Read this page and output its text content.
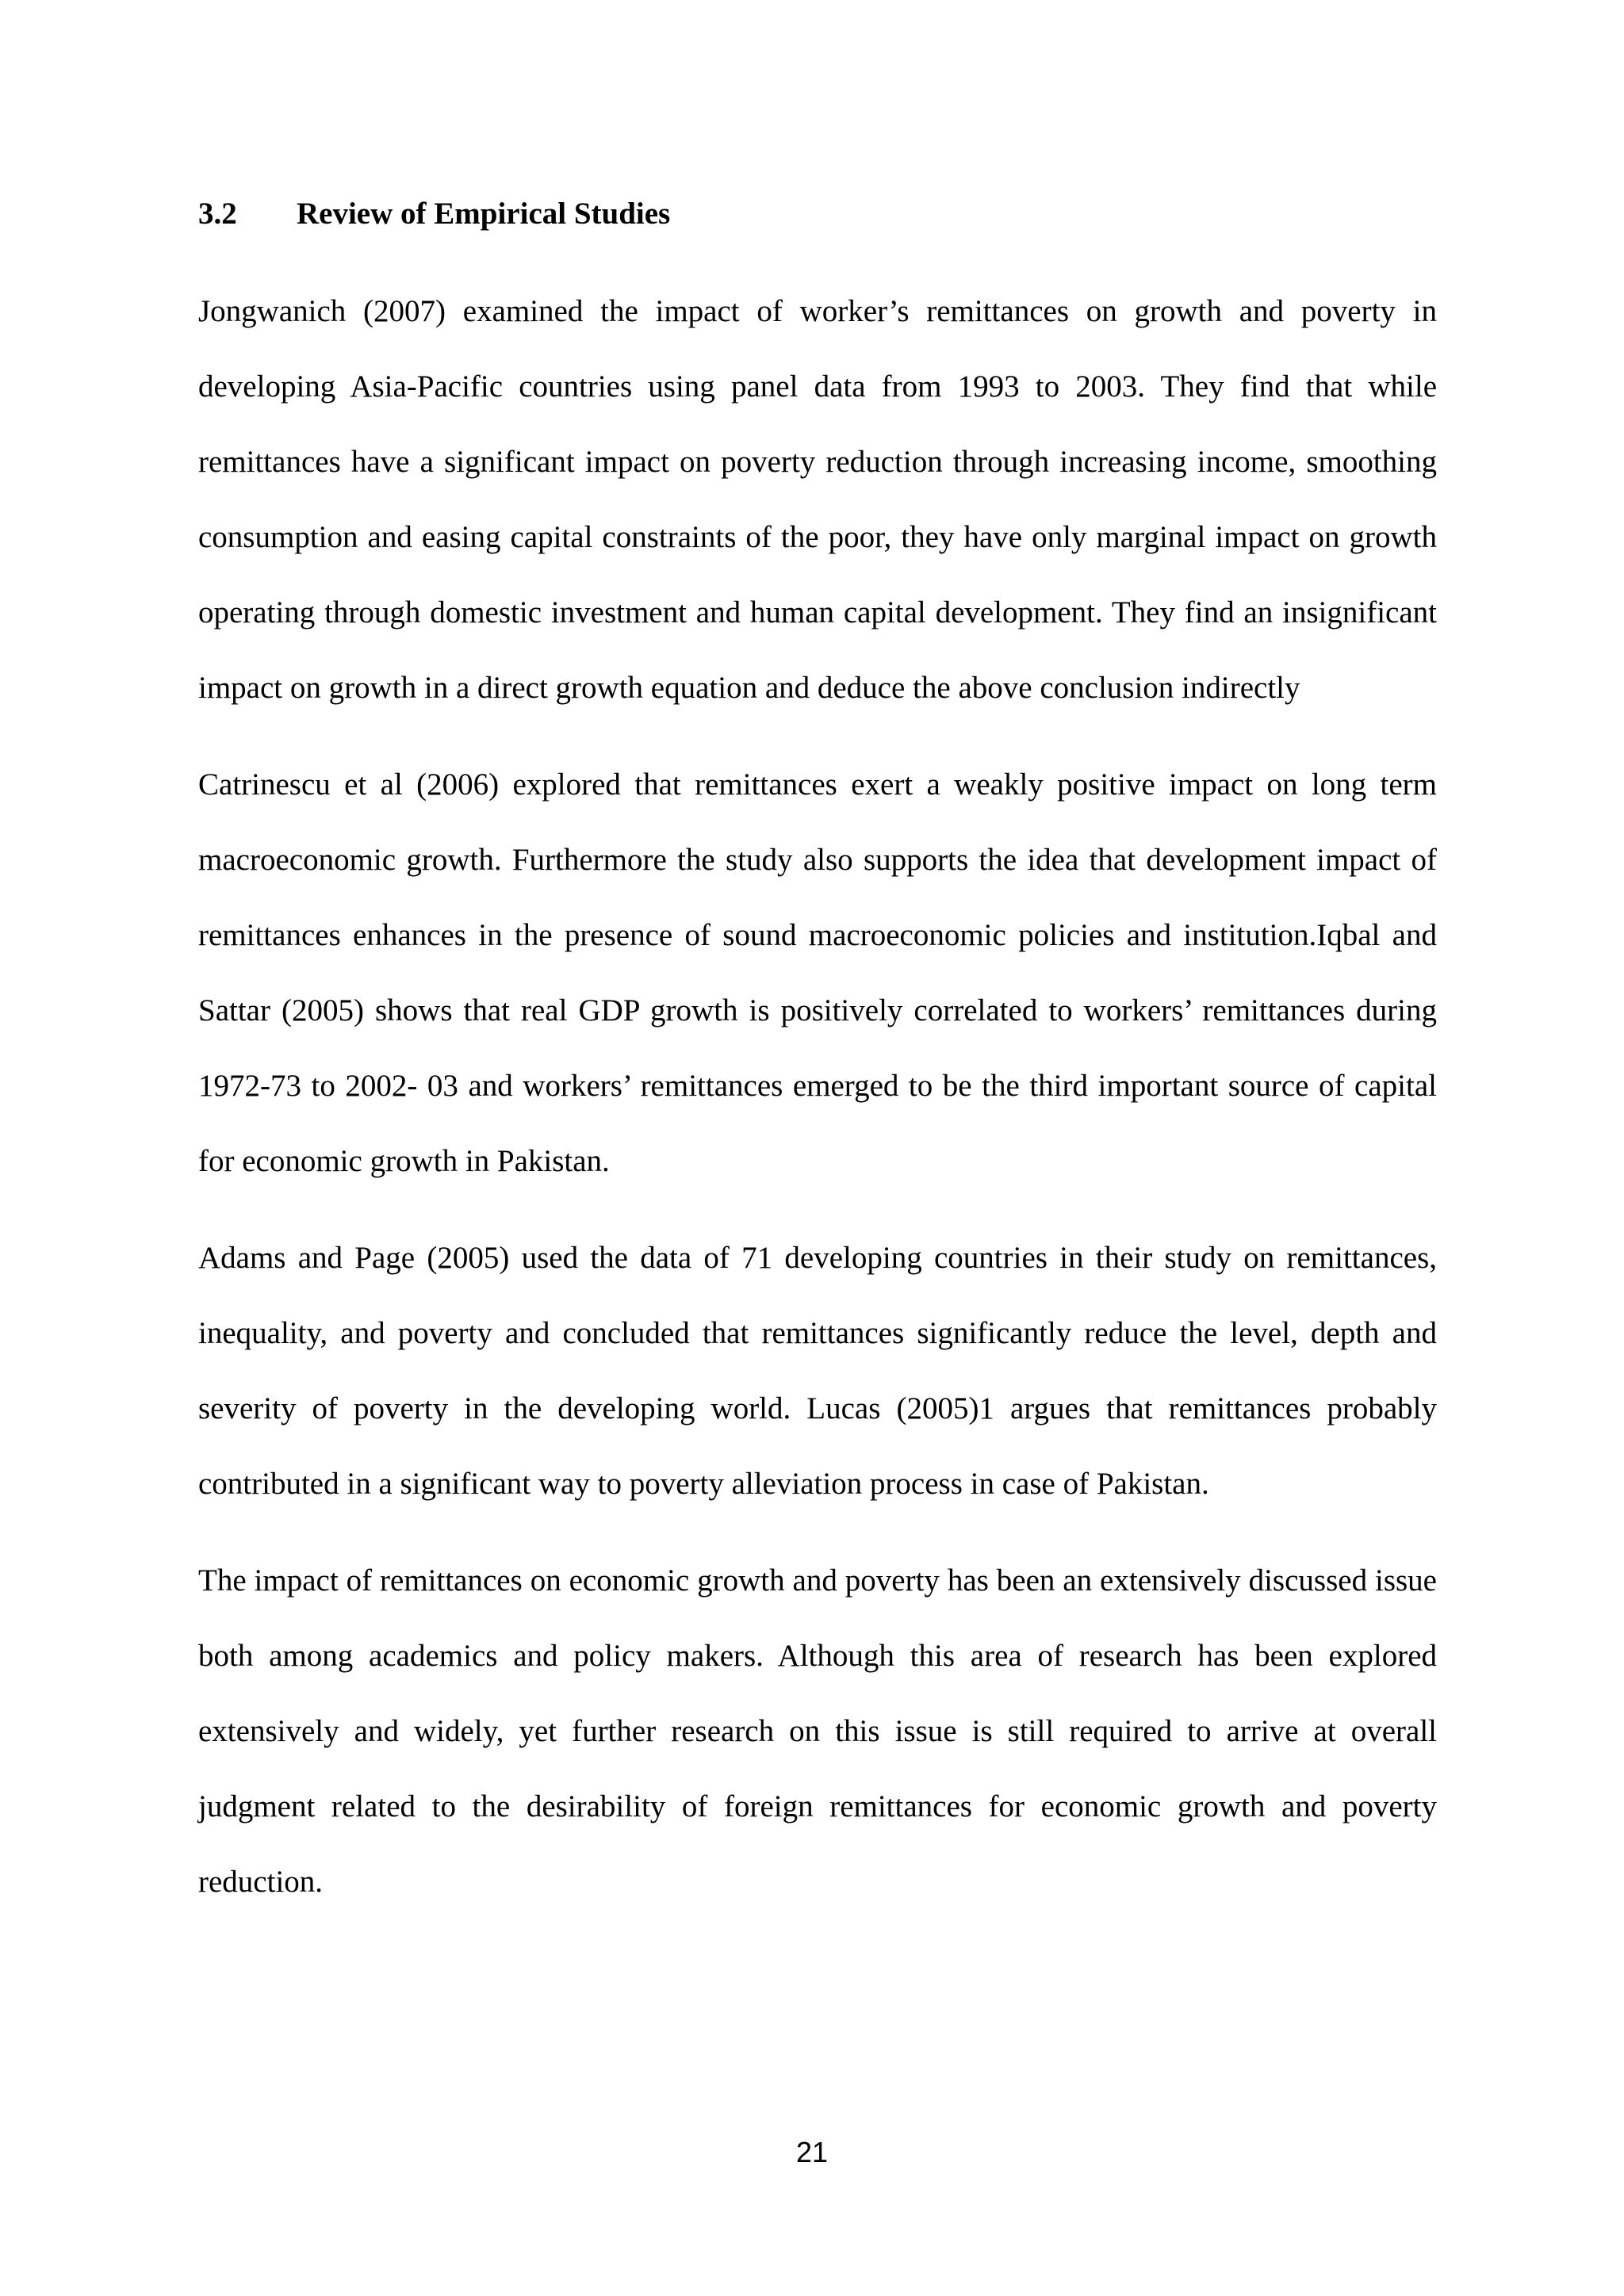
3.2	Review of Empirical Studies

Jongwanich (2007) examined the impact of worker’s remittances on growth and poverty in developing Asia-Pacific countries using panel data from 1993 to 2003. They find that while remittances have a significant impact on poverty reduction through increasing income, smoothing consumption and easing capital constraints of the poor, they have only marginal impact on growth operating through domestic investment and human capital development. They find an insignificant impact on growth in a direct growth equation and deduce the above conclusion indirectly

Catrinescu et al (2006) explored that remittances exert a weakly positive impact on long term macroeconomic growth. Furthermore the study also supports the idea that development impact of remittances enhances in the presence of sound macroeconomic policies and institution.Iqbal and Sattar (2005) shows that real GDP growth is positively correlated to workers’ remittances during 1972-73 to 2002- 03 and workers’ remittances emerged to be the third important source of capital for economic growth in Pakistan.

Adams and Page (2005) used the data of 71 developing countries in their study on remittances, inequality, and poverty and concluded that remittances significantly reduce the level, depth and severity of poverty in the developing world. Lucas (2005)1 argues that remittances probably contributed in a significant way to poverty alleviation process in case of Pakistan.

The impact of remittances on economic growth and poverty has been an extensively discussed issue both among academics and policy makers. Although this area of research has been explored extensively and widely, yet further research on this issue is still required to arrive at overall judgment related to the desirability of foreign remittances for economic growth and poverty reduction.

21
